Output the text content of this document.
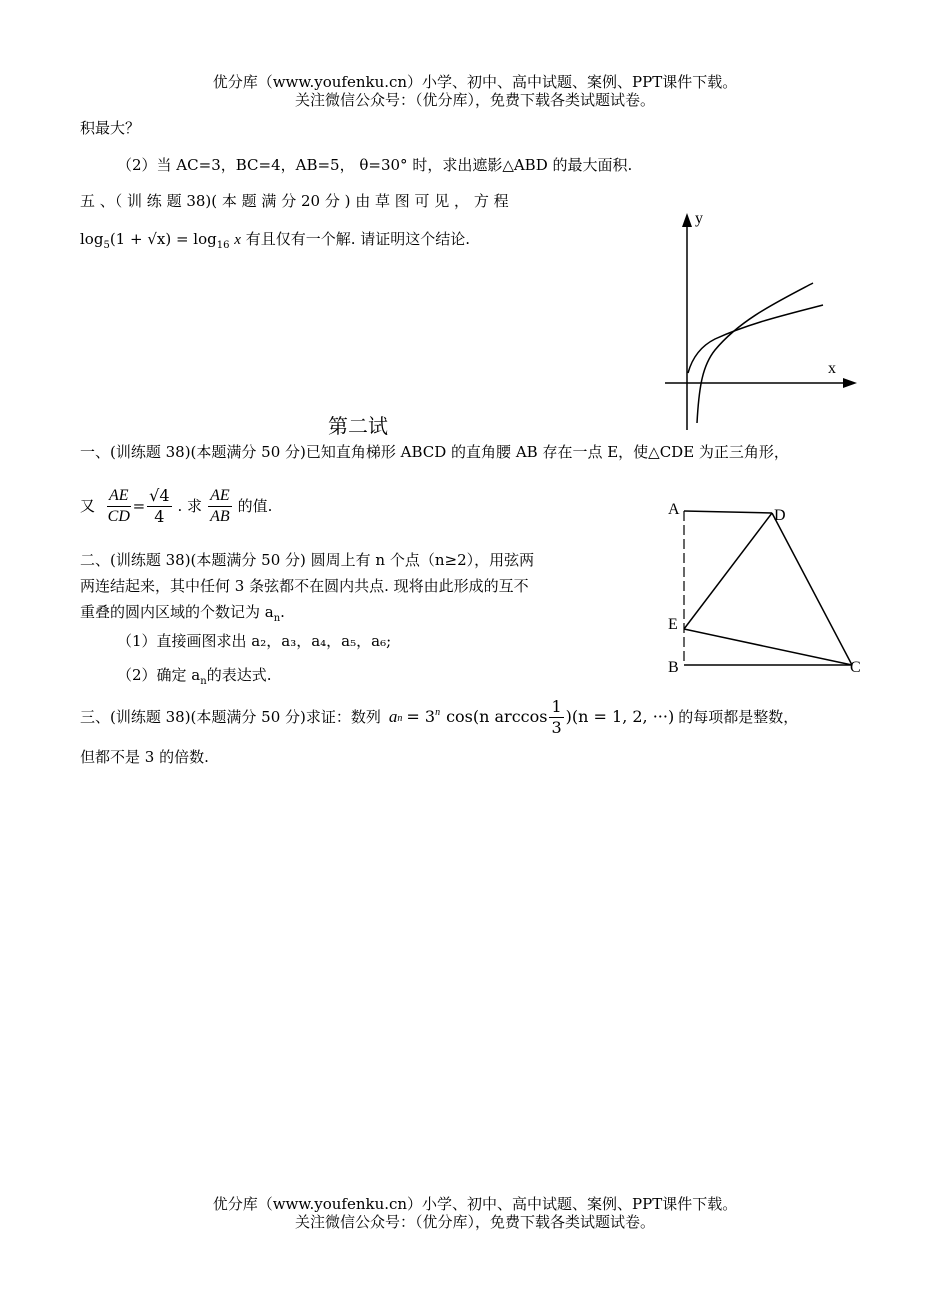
优分库（www.youfenku.cn）小学、初中、高中试题、案例、PPT课件下载。
关注微信公众号：（优分库），免费下载各类试题试卷。
积最大？
（2）当 AC=3，BC=4，AB=5， θ=30° 时，求出遮影△ABD 的最大面积.
五 、（ 训 练 题 38)( 本 题 满 分 20 分 ) 由 草 图 可 见 ， 方 程
$\log_5(1 + √x) = \log_{16} x$ 有且仅有一个解. 请证明这个结论.
y
x
第二试
一、(训练题 38)(本题满分 50 分)已知直角梯形 ABCD 的直角腰 AB 存在一点 E，使△CDE 为正三角形，
又 $\frac{AE}{CD} = \frac{√4}{4}$ . 求 $\frac{AE}{AB}$ 的值.	A	D
E
B	C
二、(训练题 38)(本题满分 50 分) 圆周上有 n 个点（n≥2），用弦两
两连结起来，其中任何 3 条弦都不在圆内共点. 现将由此形成的互不
重叠的圆内区域的个数记为 $a_n$.
（1）直接画图求出 a₂，a₃，a₄，a₅，a₆;
（2）确定 $a_n$的表达式.
三、(训练题 38)(本题满分 50 分)求证：数列 a $n = 3^n$ cos(n $\arccos \frac{1}{3} )(n = 1$, 2, ···) 的每项都是整数，
但都不是 3 的倍数.
优分库（www.youfenku.cn）小学、初中、高中试题、案例、PPT课件下载。
关注微信公众号：（优分库），免费下载各类试题试卷。
